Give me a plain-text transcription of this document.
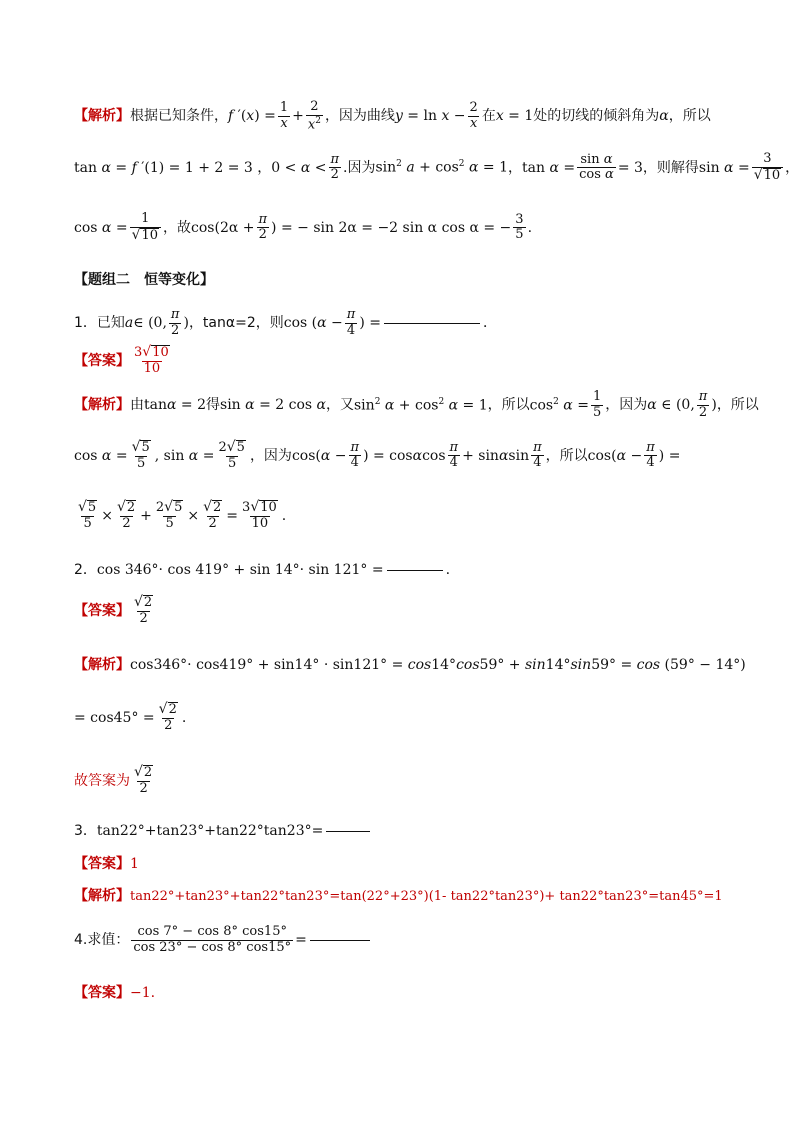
【解析】 根据已知条件， f $'(x) = \frac{1}{x} + \frac{2}{x^2}$ ，因为曲线 $y = \ln x - \frac{2}{x}$ 在 x = 1 处的切线的倾斜角为 α ，所以
tan α = f ′(1) = 1 + 2 = 3 ，$0 < \alpha < \frac{\pi}{2}$ . 因为 $\sin^2 a + \cos^2 \alpha = 1$ ， $\tan \alpha = \frac{\text{sin α}}{\text{cos α}} = 3$ ，则解得 $\sin \alpha = \frac{3}{√ 10}$ ，
$\cos \alpha = \frac{1}{√ 10}$ ，故 $\cos(2\alpha + \frac{\pi}{2}$ ) = − sin 2α = −2 sin α cos α = − $\frac{3}{5}$ .
【题组二　恒等变化】
1． 已知 a ∈ (0, $\frac{\pi}{2}$ ) ，tanα=2，则 $\cos (\alpha - \frac{\pi}{4}$ ) =	．
【答案】 $\frac{3 √ 10}{10}$
【解析】 由 tanα = 2 得 sin α = 2 cos α ，又 $\sin^2 \alpha + \cos^2 \alpha = 1$ ，所以 $\cos^2 \alpha = \frac{1}{5}$ ，因为 α ∈ (0, $\frac{\pi}{2}$ ) ，所以
$\cos \alpha = \frac{√ 5}{5}$ , $\sin \alpha = \frac{2 √ 5}{5}$ ，因为 $\cos(\alpha - \frac{\pi}{4}$ ) = cosαcos $\frac{\pi}{4} + \sin\alpha\sin \frac{\pi}{4}$ ，所以 $\cos(\alpha - \frac{\pi}{4}$ ) =
$\frac{√ 5}{5} \times \frac{√ 2}{2} + \frac{2 √ 5}{5} \times \frac{√ 2}{2} = \frac{3 √ 10}{10}$ .
2． cos 346°· cos 419° + sin 14°· sin 121° =	.
【答案】 $\frac{√ 2}{2}$
【解析】 cos346°· cos419° + sin14° · sin121° = cos14°cos59° + sin14°sin59° = cos (59° − 14°)
= $\cos 45^\circ = \frac{√ 2}{2}$ .
故答案为 $\frac{√ 2}{2}$
3． tan22°+tan23°+tan22°tan23°=
【答案】 1
【解析】 tan22°+tan23°+tan22°tan23°=tan(22°+23°)(1- tan22°tan23°)+ tan22°tan23°=tan45°=1
4. 求值： $\frac{\cos 7^\circ - \cos 8^\circ \cos 15^\circ}{\cos 23^\circ - \cos 8^\circ \cos 15^\circ}$ =
【答案】 −1.
